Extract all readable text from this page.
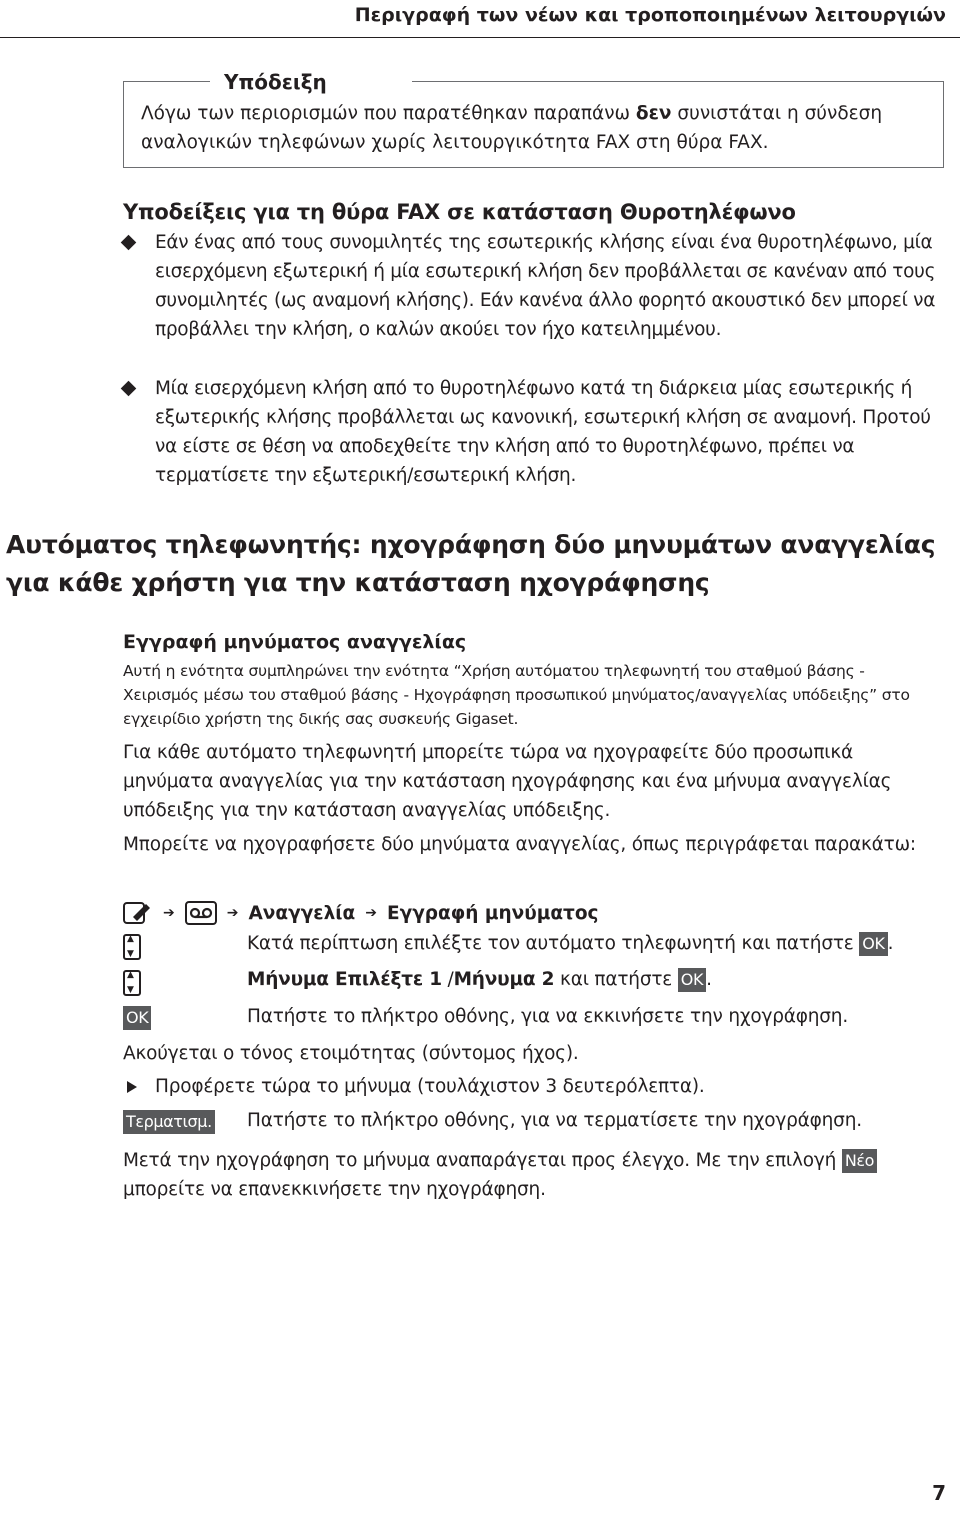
Περιγραφή των νέων και τροποποιημένων λειτουργιών
Υπόδειξη
Λόγω των περιορισμών που παρατέθηκαν παραπάνω δεν συνιστάται η σύνδεση αναλογικών τηλεφώνων χωρίς λειτουργικότητα FAX στη θύρα FAX.
Υποδείξεις για τη θύρα FAX σε κατάσταση Θυροτηλέφωνο
Εάν ένας από τους συνομιλητές της εσωτερικής κλήσης είναι ένα θυροτηλέφωνο, μία εισερχόμενη εξωτερική ή μία εσωτερική κλήση δεν προβάλλεται σε κανέναν από τους συνομιλητές (ως αναμονή κλήσης). Εάν κανένα άλλο φορητό ακουστικό δεν μπορεί να προβάλλει την κλήση, ο καλών ακούει τον ήχο κατειλημμένου.
Μία εισερχόμενη κλήση από το θυροτηλέφωνο κατά τη διάρκεια μίας εσωτερικής ή εξωτερικής κλήσης προβάλλεται ως κανονική, εσωτερική κλήση σε αναμονή. Προτού να είστε σε θέση να αποδεχθείτε την κλήση από το θυροτηλέφωνο, πρέπει να τερματίσετε την εξωτερική/εσωτερική κλήση.
Αυτόματος τηλεφωνητής: ηχογράφηση δύο μηνυμάτων αναγγελίας για κάθε χρήστη για την κατάσταση ηχογράφησης
Εγγραφή μηνύματος αναγγελίας
Αυτή η ενότητα συμπληρώνει την ενότητα “Χρήση αυτόματου τηλεφωνητή του σταθμού βάσης - Χειρισμός μέσω του σταθμού βάσης - Ηχογράφηση προσωπικού μηνύματος/αναγγελίας υπόδειξης” στο εγχειρίδιο χρήστη της δικής σας συσκευής Gigaset.
Για κάθε αυτόματο τηλεφωνητή μπορείτε τώρα να ηχογραφείτε δύο προσωπικά μηνύματα αναγγελίας για την κατάσταση ηχογράφησης και ένα μήνυμα αναγγελίας υπόδειξης για την κατάσταση αναγγελίας υπόδειξης.
Μπορείτε να ηχογραφήσετε δύο μηνύματα αναγγελίας, όπως περιγράφεται παρακάτω:
➔	➔ Αναγγελία ➔ Εγγραφή μηνύματος
▲ ▼
Κατά περίπτωση επιλέξτε τον αυτόματο τηλεφωνητή και πατήστε OK .
▲ ▼
Μήνυμα Επιλέξτε 1 /Μήνυμα 2 και πατήστε OK .
OK	Πατήστε το πλήκτρο οθόνης, για να εκκινήσετε την ηχογράφηση.
Ακούγεται ο τόνος ετοιμότητας (σύντομος ήχος).
Προφέρετε τώρα το μήνυμα (τουλάχιστον 3 δευτερόλεπτα).
Τερματισμ. Πατήστε το πλήκτρο οθόνης, για να τερματίσετε την ηχογράφηση.
Μετά την ηχογράφηση το μήνυμα αναπαράγεται προς έλεγχο. Με την επιλογή Νέο μπορείτε να επανεκκινήσετε την ηχογράφηση.
7
